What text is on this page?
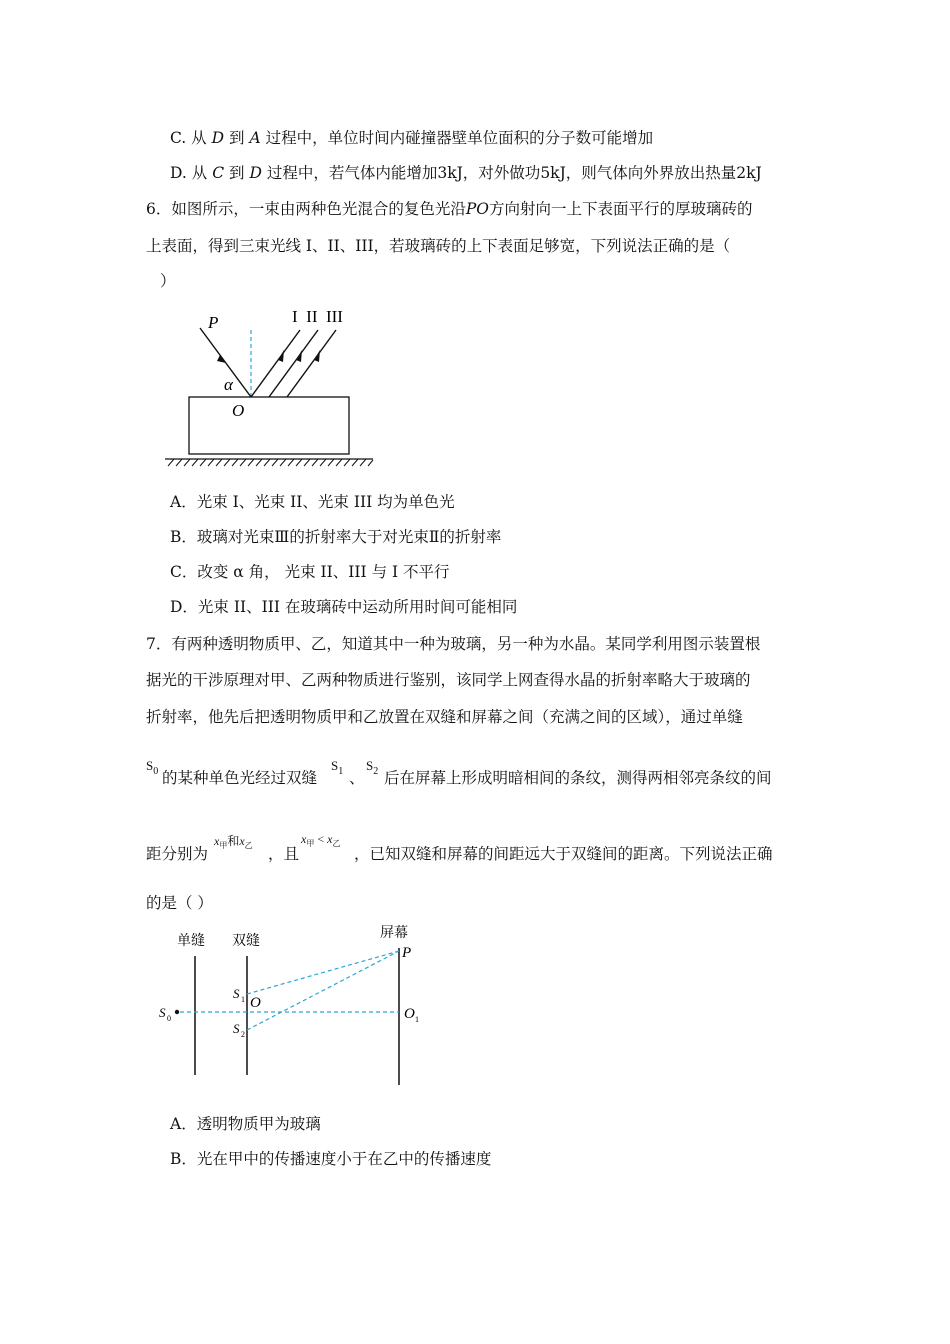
C. 从 D 到 A 过程中，单位时间内碰撞器壁单位面积的分子数可能增加
D. 从 C 到 D 过程中，若气体内能增加3kJ，对外做功5kJ，则气体向外界放出热量2kJ
6．如图所示，一束由两种色光混合的复色光沿PO方向射向一上下表面平行的厚玻璃砖的
上表面，得到三束光线 I、II、III，若玻璃砖的上下表面足够宽，下列说法正确的是（
）
P
α
O
I  II  III
A．光束 I、光束 II、光束 III 均为单色光
B．玻璃对光束Ⅲ的折射率大于对光束Ⅱ的折射率
C．改变 α 角， 光束 II、III 与 I 不平行
D．光束 II、III 在玻璃砖中运动所用时间可能相同
7．有两种透明物质甲、乙，知道其中一种为玻璃，另一种为水晶。某同学利用图示装置根
据光的干涉原理对甲、乙两种物质进行鉴别，该同学上网查得水晶的折射率略大于玻璃的
折射率，他先后把透明物质甲和乙放置在双缝和屏幕之间（充满之间的区域），通过单缝
$S_0$ 的某种单色光经过双缝
$S_1$ 、
$S_2$ 后在屏幕上形成明暗相间的条纹，测得两相邻亮条纹的间
距分别为
$x_甲$和$x_乙$ ，且
$x_甲 < x_乙$
，已知双缝和屏幕的间距远大于双缝间的距离。下列说法正确
的是（ ）
单缝 双缝
屏幕
P
S 1 O
S 0
S 2
O 1
A．透明物质甲为玻璃
B．光在甲中的传播速度小于在乙中的传播速度
